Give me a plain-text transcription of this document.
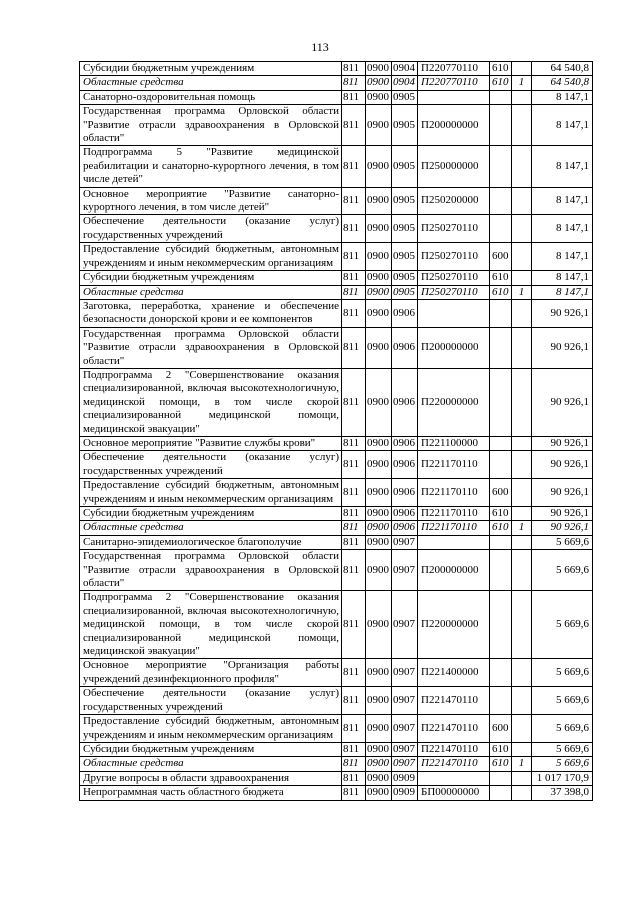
113
Субсидии бюджетным учреждениям	811	0900	0904	П220770110	610		64 540,8
Областные средства	811	0900	0904	П220770110	610	1	64 540,8
Санаторно-оздоровительная помощь	811	0900	0905				8 147,1
Государственная программа Орловской области "Развитие отрасли здравоохранения в Орловской области"	811	0900	0905	П200000000			8 147,1
Подпрограмма 5 "Развитие медицинской реабилитации и санаторно-курортного лечения, в том числе детей"	811	0900	0905	П250000000			8 147,1
Основное мероприятие "Развитие санаторно-курортного лечения, в том числе детей"	811	0900	0905	П250200000			8 147,1
Обеспечение деятельности (оказание услуг) государственных учреждений	811	0900	0905	П250270110			8 147,1
Предоставление субсидий бюджетным, автономным учреждениям и иным некоммерческим организациям	811	0900	0905	П250270110	600		8 147,1
Субсидии бюджетным учреждениям	811	0900	0905	П250270110	610		8 147,1
Областные средства	811	0900	0905	П250270110	610	1	8 147,1
Заготовка, переработка, хранение и обеспечение безопасности донорской крови и ее компонентов	811	0900	0906				90 926,1
Государственная программа Орловской области "Развитие отрасли здравоохранения в Орловской области"	811	0900	0906	П200000000			90 926,1
Подпрограмма 2 "Совершенствование оказания специализированной, включая высокотехнологичную, медицинской помощи, в том числе скорой специализированной медицинской помощи, медицинской эвакуации"	811	0900	0906	П220000000			90 926,1
Основное мероприятие "Развитие службы крови"	811	0900	0906	П221100000			90 926,1
Обеспечение деятельности (оказание услуг) государственных учреждений	811	0900	0906	П221170110			90 926,1
Предоставление субсидий бюджетным, автономным учреждениям и иным некоммерческим организациям	811	0900	0906	П221170110	600		90 926,1
Субсидии бюджетным учреждениям	811	0900	0906	П221170110	610		90 926,1
Областные средства	811	0900	0906	П221170110	610	1	90 926,1
Санитарно-эпидемиологическое благополучие	811	0900	0907				5 669,6
Государственная программа Орловской области "Развитие отрасли здравоохранения в Орловской области"	811	0900	0907	П200000000			5 669,6
Подпрограмма 2 "Совершенствование оказания специализированной, включая высокотехнологичную, медицинской помощи, в том числе скорой специализированной медицинской помощи, медицинской эвакуации"	811	0900	0907	П220000000			5 669,6
Основное мероприятие "Организация работы учреждений дезинфекционного профиля"	811	0900	0907	П221400000			5 669,6
Обеспечение деятельности (оказание услуг) государственных учреждений	811	0900	0907	П221470110			5 669,6
Предоставление субсидий бюджетным, автономным учреждениям и иным некоммерческим организациям	811	0900	0907	П221470110	600		5 669,6
Субсидии бюджетным учреждениям	811	0900	0907	П221470110	610		5 669,6
Областные средства	811	0900	0907	П221470110	610	1	5 669,6
Другие вопросы в области здравоохранения	811	0900	0909				1 017 170,9
Непрограммная часть областного бюджета	811	0900	0909	БП00000000			37 398,0
